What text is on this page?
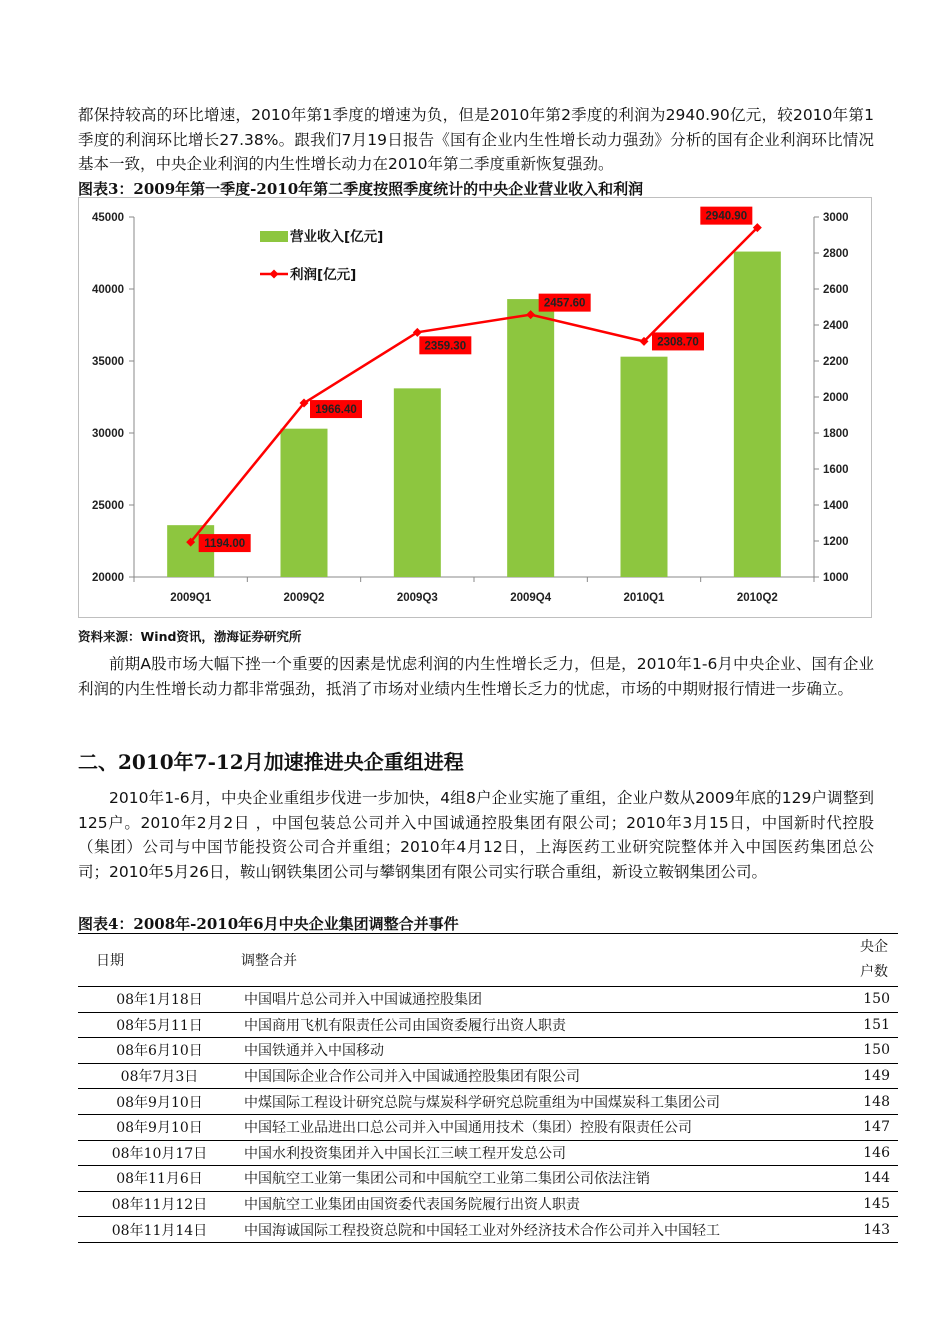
都保持较高的环比增速，2010年第1季度的增速为负，但是2010年第2季度的利润为2940.90亿元，较2010年第1季度的利润环比增长27.38%。跟我们7月19日报告《国有企业内生性增长动力强劲》分析的国有企业利润环比情况基本一致，中央企业利润的内生性增长动力在2010年第二季度重新恢复强劲。

图表3：2009年第一季度-2010年第二季度按照季度统计的中央企业营业收入和利润

20000
25000
30000
35000
40000
45000
1000
1200
1400
1600
1800
2000
2200
2400
2600
2800
3000
2009Q1	2009Q2	2009Q3	2009Q4	2010Q1	2010Q2
1194.00
1966.40
2359.30
2457.60
2308.70
2940.90
营业收入[亿元]
利润[亿元]

资料来源：Wind资讯，渤海证券研究所

前期A股市场大幅下挫一个重要的因素是忧虑利润的内生性增长乏力，但是，2010年1-6月中央企业、国有企业利润的内生性增长动力都非常强劲，抵消了市场对业绩内生性增长乏力的忧虑，市场的中期财报行情进一步确立。

二、2010年7-12月加速推进央企重组进程

2010年1-6月，中央企业重组步伐进一步加快，4组8户企业实施了重组，企业户数从2009年底的129户调整到125户。2010年2月2日 ，中国包装总公司并入中国诚通控股集团有限公司；2010年3月15日，中国新时代控股（集团）公司与中国节能投资公司合并重组；2010年4月12日，上海医药工业研究院整体并入中国医药集团总公司；2010年5月26日，鞍山钢铁集团公司与攀钢集团有限公司实行联合重组，新设立鞍钢集团公司。

图表4：2008年-2010年6月中央企业集团调整合并事件

日期	调整合并	央企
户数
08年1月18日	中国唱片总公司并入中国诚通控股集团	150
08年5月11日	中国商用飞机有限责任公司由国资委履行出资人职责	151
08年6月10日	中国铁通并入中国移动	150
08年7月3日	中国国际企业合作公司并入中国诚通控股集团有限公司	149
08年9月10日	中煤国际工程设计研究总院与煤炭科学研究总院重组为中国煤炭科工集团公司	148
08年9月10日	中国轻工业品进出口总公司并入中国通用技术（集团）控股有限责任公司	147
08年10月17日	中国水利投资集团并入中国长江三峡工程开发总公司	146
08年11月6日	中国航空工业第一集团公司和中国航空工业第二集团公司依法注销	144
08年11月12日	中国航空工业集团由国资委代表国务院履行出资人职责	145
08年11月14日	中国海诚国际工程投资总院和中国轻工业对外经济技术合作公司并入中国轻工	143
